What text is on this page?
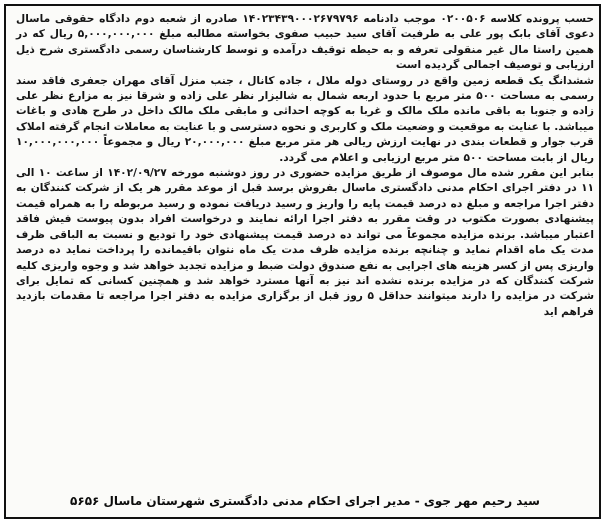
حسب پرونده کلاسه ۰۲۰۰۵۰۶ موجب دادنامه ۱۴۰۲۳۴۳۹۰۰۰۲۶۷۹۷۹۶ صادره از شعبه دوم دادگاه حقوقی ماسال دعوی آقای بابک پور علی به طرفیت آقای سید حبیب صفوی بخواسته مطالبه مبلغ ۵,۰۰۰,۰۰۰,۰۰۰ ریال که در همین راستا مال غیر منقولی تعرفه و به حیطه توقیف درآمده و توسط کارشناسان رسمی دادگستری شرح ذیل ارزیابی و توصیف اجمالی گردیده است

ششدانگ یک قطعه زمین واقع در روستای دوله ملال ، جاده کانال ، جنب منزل آقای مهران جعفری فاقد سند رسمی به مساحت ۵۰۰ متر مربع با حدود اربعه شمال به شالیزار نظر علی زاده و شرقا نیز به مزارع نظر علی زاده و جنوبا به باقی مانده ملک مالک و غربا به کوچه احداثی و مابقی ملک مالک داخل در طرح هادی و باغات میباشد. با عنایت به موقعیت و وضعیت ملک و کاربری و نحوه دسترسی و با عنایت به معاملات انجام گرفته املاک قرب جوار و قطعات بندی در نهایت ارزش ریالی هر متر مربع مبلغ ۲۰,۰۰۰,۰۰۰ ریال و مجموعاً ۱۰,۰۰۰,۰۰۰,۰۰۰ ریال از بابت مساحت ۵۰۰ متر مربع ارزیابی و اعلام می گردد.

بنابر این مقرر شده مال موصوف از طریق مزایده حضوری در روز دوشنبه مورخه ۱۴۰۲/۰۹/۲۷ از ساعت ۱۰ الی ۱۱ در دفتر اجرای احکام مدنی دادگستری ماسال بفروش برسد قبل از موعد مقرر هر یک از شرکت کنندگان به دفتر اجرا مراجعه و مبلغ ده درصد قیمت پایه را واریز و رسید دریافت نموده و رسید مربوطه را به همراه قیمت پیشنهادی بصورت مکتوب در وقت مقرر به دفتر اجرا ارائه نمایند و درخواست افراد بدون پیوست فیش فاقد اعتبار میباشد. برنده مزایده مجموعاً می تواند ده درصد قیمت پیشنهادی خود را تودیع و نسبت به الباقی ظرف مدت یک ماه اقدام نماید و چنانچه برنده مزایده ظرف مدت یک ماه نتوان باقیمانده را پرداخت نماید ده درصد واریزی پس از کسر هزینه های اجرایی به نفع صندوق دولت ضبط و مزایده تجدید خواهد شد و وجوه واریزی کلیه شرکت کنندگان که در مزایده برنده نشده اند نیز به آنها مسترد خواهد شد و همچنین کسانی که تمایل برای شرکت در مزایده را دارند میتوانند حداقل ۵ روز قبل از برگزاری مزایده به دفتر اجرا مراجعه تا مقدمات بازدید فراهم اید

سید رحیم مهر جوی - مدیر اجرای احکام مدنی دادگستری شهرستان ماسال ۵۶۵۶
